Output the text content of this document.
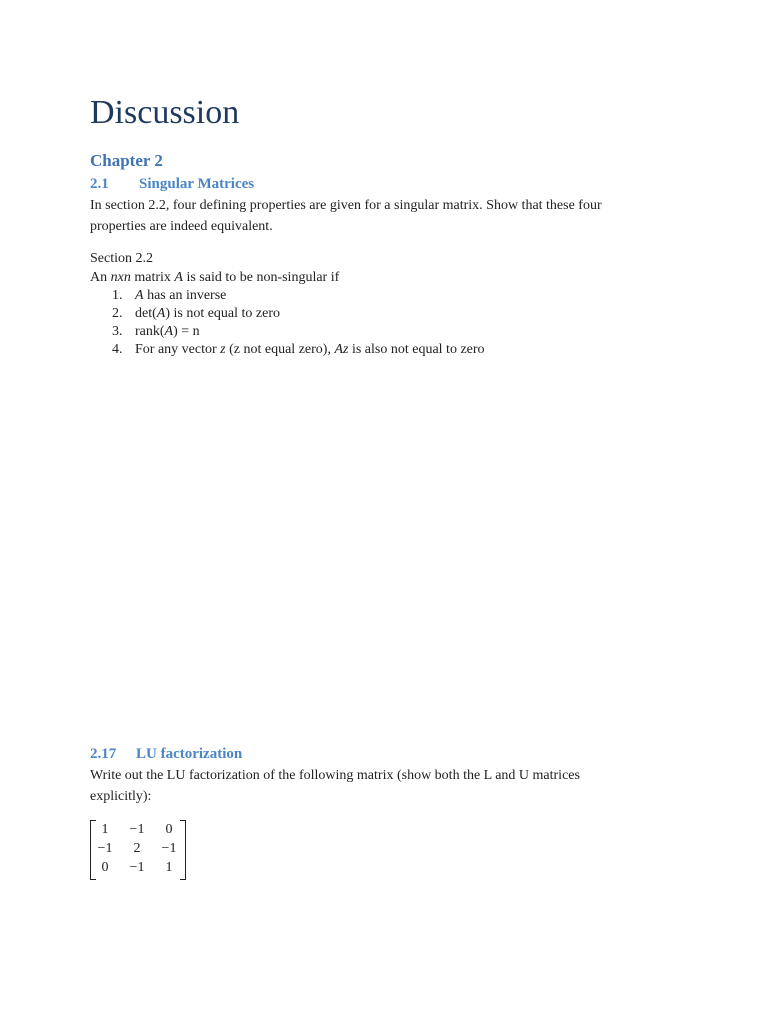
Discussion
Chapter 2
2.1 Singular Matrices
In section 2.2, four defining properties are given for a singular matrix. Show that these four
properties are indeed equivalent.
Section 2.2
An nxn matrix A is said to be non-singular if
1. A has an inverse
2. det(A) is not equal to zero
3. rank(A) = n
4. For any vector z (z not equal zero), Az is also not equal to zero
2.17 LU factorization
Write out the LU factorization of the following matrix (show both the L and U matrices
explicitly):
1	−1	0
−1	2	−1
0	−1	1
